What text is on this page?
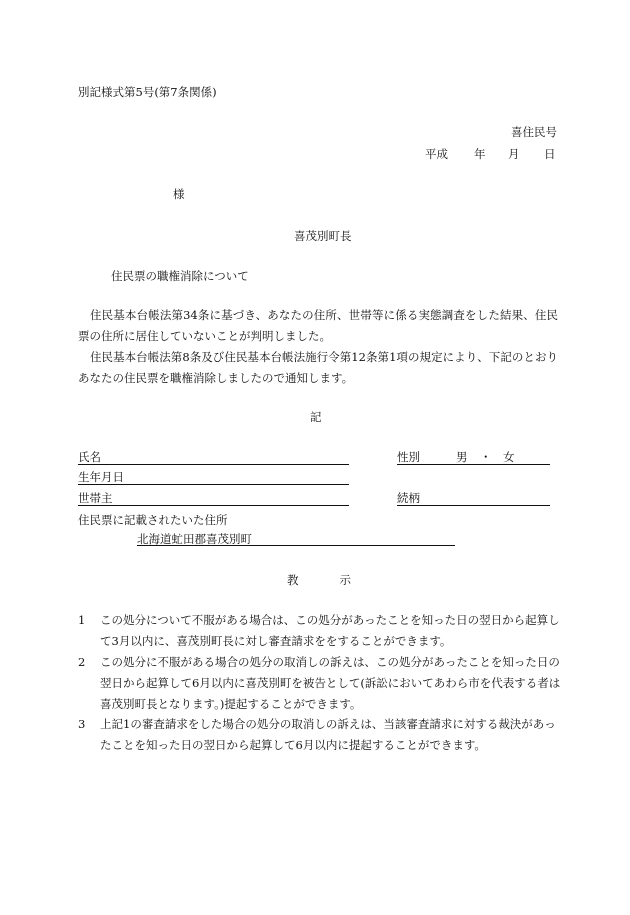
別記様式第5号(第7条関係)
喜住民号
平成 年 月 日
様
喜茂別町長
住民票の職権消除について
住民基本台帳法第34条に基づき、あなたの住所、世帯等に係る実態調査をした結果、住民票の住所に居住していないことが判明しました。
住民基本台帳法第8条及び住民基本台帳法施行令第12条第1項の規定により、下記のとおりあなたの住民票を職権消除しましたので通知します。
記
氏名	性別	男 ・ 女
生年月日
世帯主	続柄
住民票に記載されたいた住所
北海道虻田郡喜茂別町
教　　示
1	この処分について不服がある場合は、この処分があったことを知った日の翌日から起算して3月以内に、喜茂別町長に対し審査請求ををすることができます。
2	この処分に不服がある場合の処分の取消しの訴えは、この処分があったことを知った日の翌日から起算して6月以内に喜茂別町を被告として(訴訟においてあわら市を代表する者は喜茂別町長となります。)提起することができます。
3	上記1の審査請求をした場合の処分の取消しの訴えは、当該審査請求に対する裁決があったことを知った日の翌日から起算して6月以内に提起することができます。
